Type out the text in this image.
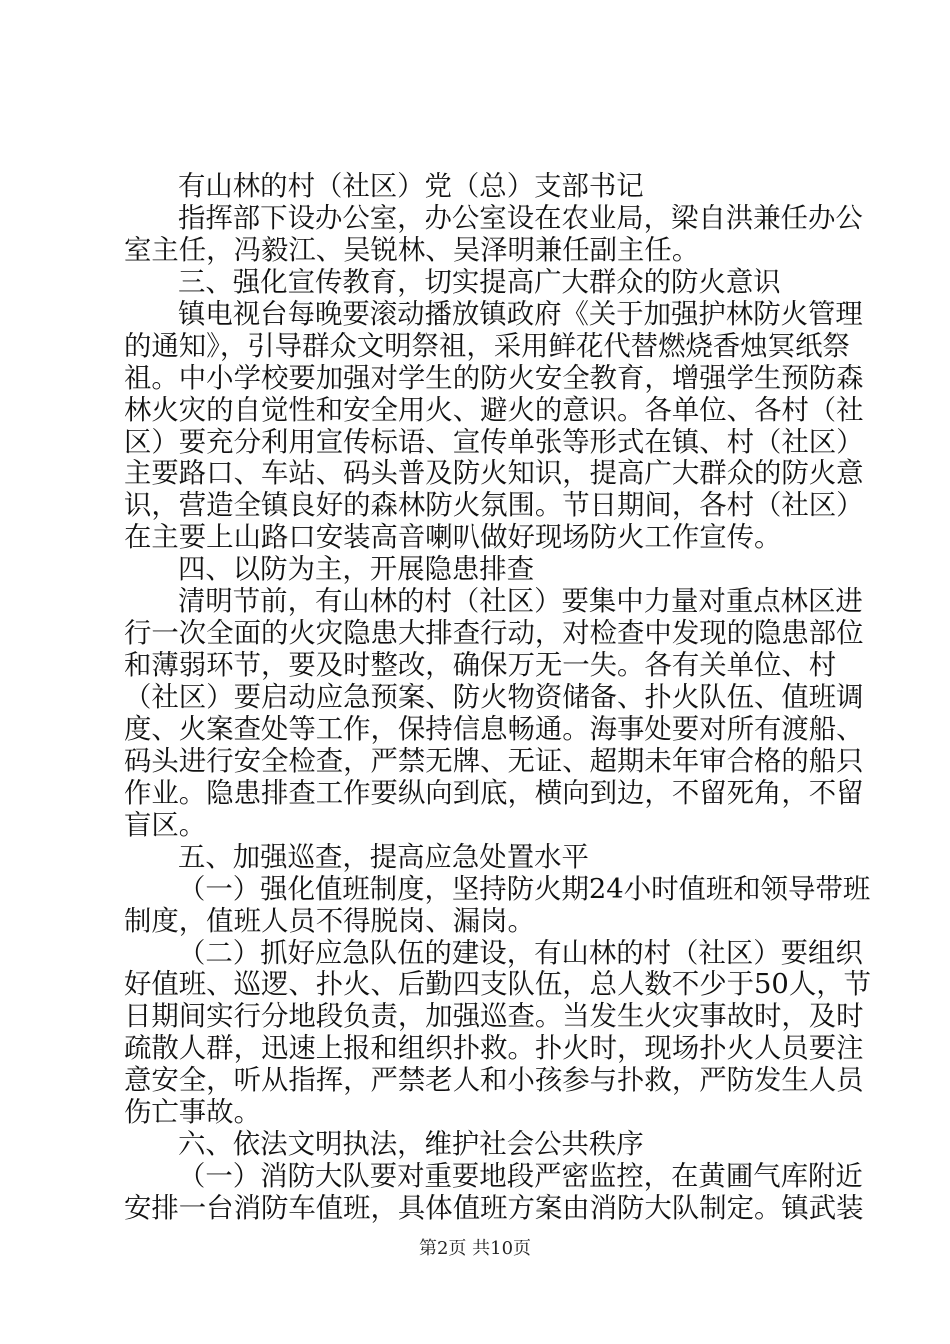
有山林的村（社区）党（总）支部书记
指挥部下设办公室，办公室设在农业局，梁自洪兼任办公
室主任，冯毅江、吴锐林、吴泽明兼任副主任。
三、强化宣传教育，切实提高广大群众的防火意识
镇电视台每晚要滚动播放镇政府《关于加强护林防火管理
的通知》，引导群众文明祭祖，采用鲜花代替燃烧香烛冥纸祭
祖。中小学校要加强对学生的防火安全教育，增强学生预防森
林火灾的自觉性和安全用火、避火的意识。各单位、各村（社
区）要充分利用宣传标语、宣传单张等形式在镇、村（社区）
主要路口、车站、码头普及防火知识，提高广大群众的防火意
识，营造全镇良好的森林防火氛围。节日期间，各村（社区）
在主要上山路口安装高音喇叭做好现场防火工作宣传。
四、以防为主，开展隐患排查
清明节前，有山林的村（社区）要集中力量对重点林区进
行一次全面的火灾隐患大排查行动，对检查中发现的隐患部位
和薄弱环节，要及时整改，确保万无一失。各有关单位、村
（社区）要启动应急预案、防火物资储备、扑火队伍、值班调
度、火案查处等工作，保持信息畅通。海事处要对所有渡船、
码头进行安全检查，严禁无牌、无证、超期未年审合格的船只
作业。隐患排查工作要纵向到底，横向到边，不留死角，不留
盲区。
五、加强巡查，提高应急处置水平
（一）强化值班制度，坚持防火期24小时值班和领导带班
制度，值班人员不得脱岗、漏岗。
（二）抓好应急队伍的建设，有山林的村（社区）要组织
好值班、巡逻、扑火、后勤四支队伍，总人数不少于50人，节
日期间实行分地段负责，加强巡查。当发生火灾事故时，及时
疏散人群，迅速上报和组织扑救。扑火时，现场扑火人员要注
意安全，听从指挥，严禁老人和小孩参与扑救，严防发生人员
伤亡事故。
六、依法文明执法，维护社会公共秩序
（一）消防大队要对重要地段严密监控，在黄圃气库附近
安排一台消防车值班，具体值班方案由消防大队制定。镇武装
第2页 共10页
